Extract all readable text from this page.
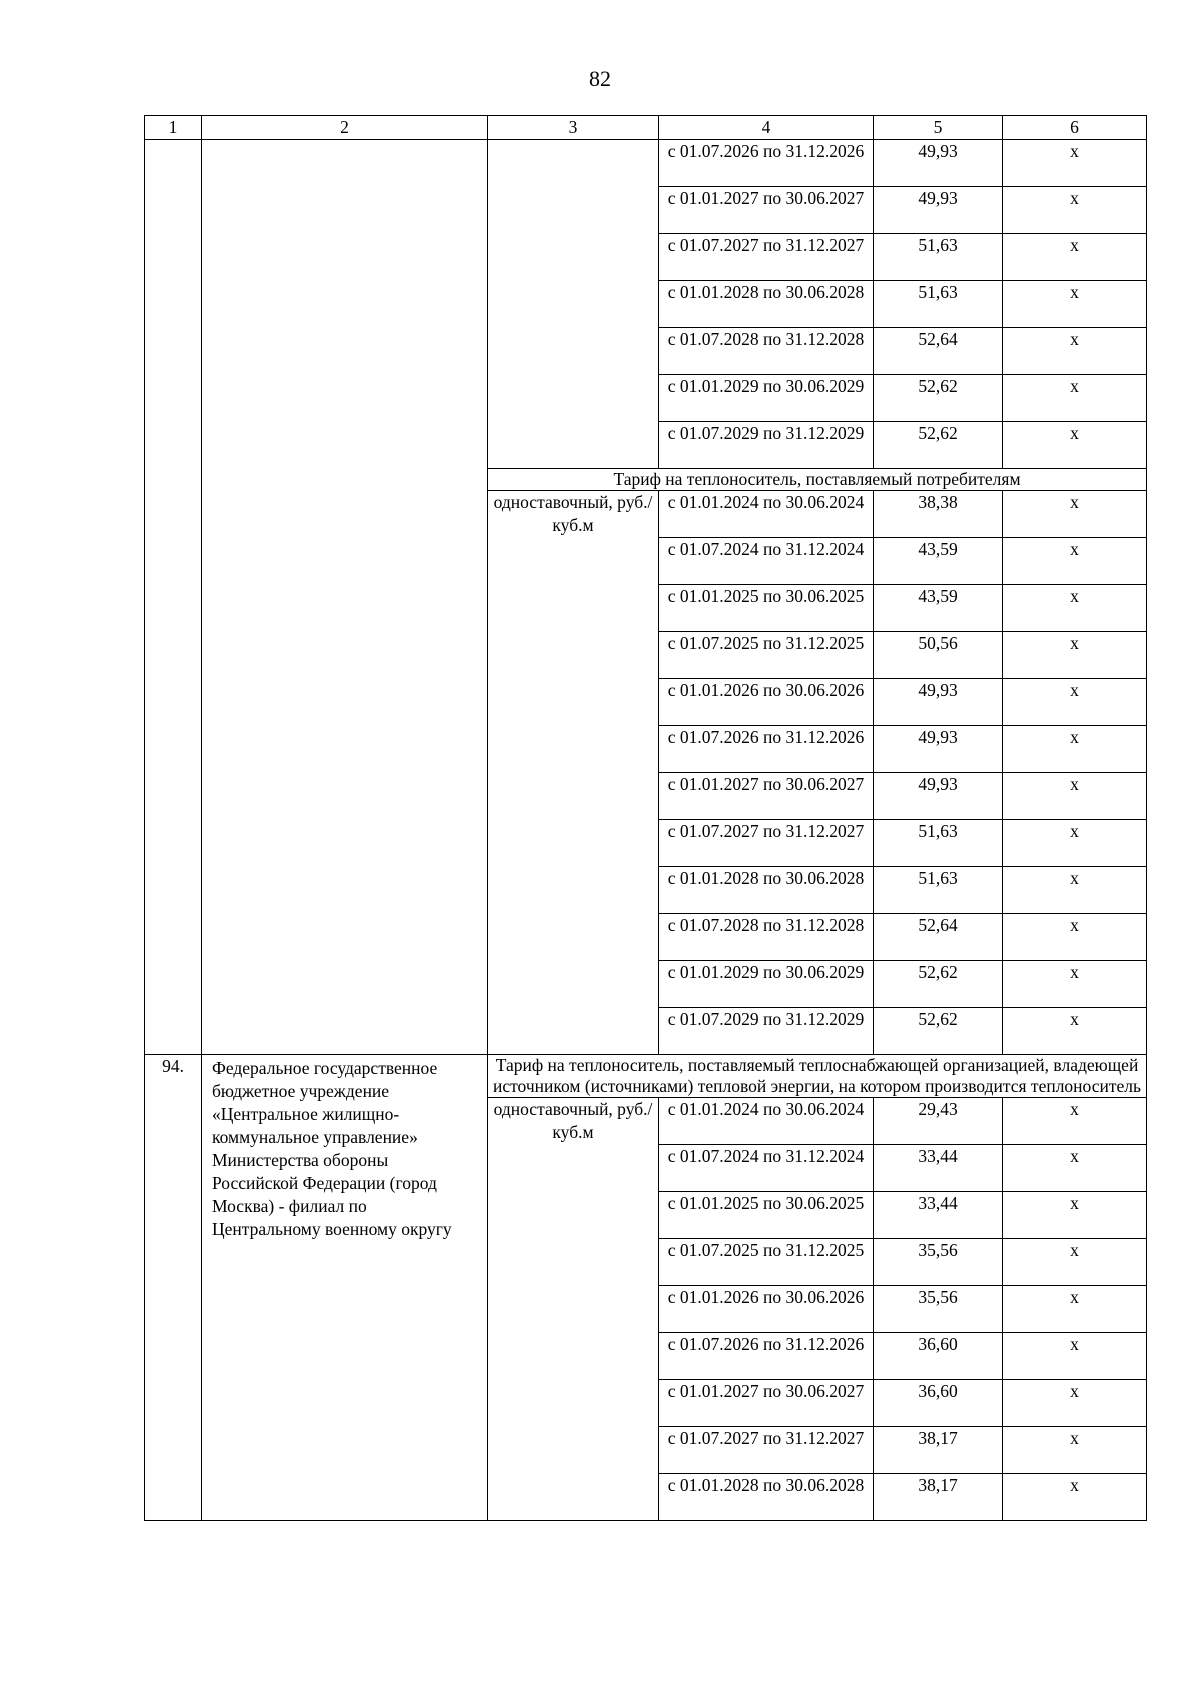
82
1	2	3	4	5	6
			с 01.07.2026 по 31.12.2026	49,93	х
			с 01.01.2027 по 30.06.2027	49,93	х
			с 01.07.2027 по 31.12.2027	51,63	х
			с 01.01.2028 по 30.06.2028	51,63	х
			с 01.07.2028 по 31.12.2028	52,64	х
			с 01.01.2029 по 30.06.2029	52,62	х
			с 01.07.2029 по 31.12.2029	52,62	х
		Тариф на теплоноситель, поставляемый потребителям			
		одноставочный, руб./куб.м	с 01.01.2024 по 30.06.2024	38,38	х
			с 01.07.2024 по 31.12.2024	43,59	х
			с 01.01.2025 по 30.06.2025	43,59	х
			с 01.07.2025 по 31.12.2025	50,56	х
			с 01.01.2026 по 30.06.2026	49,93	х
			с 01.07.2026 по 31.12.2026	49,93	х
			с 01.01.2027 по 30.06.2027	49,93	х
			с 01.07.2027 по 31.12.2027	51,63	х
			с 01.01.2028 по 30.06.2028	51,63	х
			с 01.07.2028 по 31.12.2028	52,64	х
			с 01.01.2029 по 30.06.2029	52,62	х
			с 01.07.2029 по 31.12.2029	52,62	х
94.	Федеральное государственное бюджетное учреждение «Центральное жилищно-коммунальное управление» Министерства обороны Российской Федерации (город Москва) - филиал по Центральному военному округу	Тариф на теплоноситель, поставляемый теплоснабжающей организацией, владеющей источником (источниками) тепловой энергии, на котором производится теплоноситель			
		одноставочный, руб./куб.м	с 01.01.2024 по 30.06.2024	29,43	х
			с 01.07.2024 по 31.12.2024	33,44	х
			с 01.01.2025 по 30.06.2025	33,44	х
			с 01.07.2025 по 31.12.2025	35,56	х
			с 01.01.2026 по 30.06.2026	35,56	х
			с 01.07.2026 по 31.12.2026	36,60	х
			с 01.01.2027 по 30.06.2027	36,60	х
			с 01.07.2027 по 31.12.2027	38,17	х
			с 01.01.2028 по 30.06.2028	38,17	х
